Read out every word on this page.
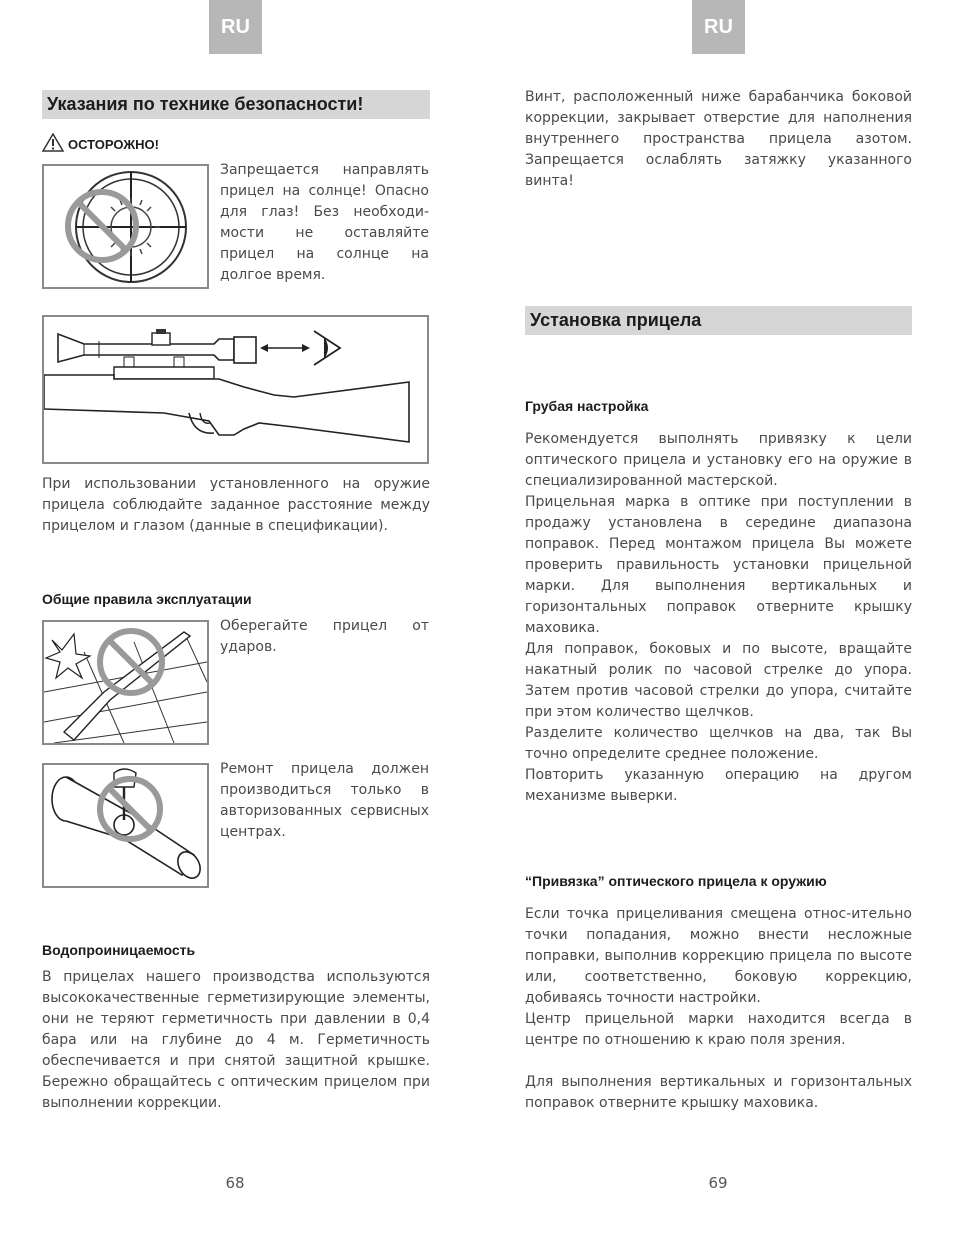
RU
Указания по технике безопасности!
ОСТОРОЖНО!
Запрещается направлять прицел на солнце! Опасно для глаз! Без необходи-мости не оставляйте прицел на солнце на долгое время.
При использовании установленного на оружие прицела соблюдайте заданное расстояние между прицелом и глазом (данные в спецификации).
Общие правила эксплуатации
Оберегайте прицел от ударов.
Ремонт прицела должен производиться только в авторизованных сервисных центрах.
Водопроиницаемость
В прицелах нашего производства используются высококачественные герметизирующие элементы, они не теряют герметичность при давлении в 0,4 бара или на глубине до 4 м. Герметичность обеспечивается и при снятой защитной крышке. Бережно обращайтесь с оптическим прицелом при выполнении коррекции.
68
RU
Винт, расположенный ниже барабанчика боковой коррекции, закрывает отверстие для наполнения внутреннего пространства прицела азотом. Запрещается ослаблять затяжку указанного винта!
Установка прицела
Грубая настройка

Рекомендуется выполнять привязку к цели оптического прицела и установку его на оружие в специализированной мастерской.

Прицельная марка в оптике при поступлении в продажу установлена в середине диапазона поправок. Перед монтажом прицела Вы можете проверить правильность установки прицельной марки. Для выполнения вертикальных и горизонтальных поправок отверните крышку маховика.

Для поправок, боковых и по высоте, вращайте накатный ролик по часовой стрелке до упора. Затем против часовой стрелки до упора, считайте при этом количество щелчков.

Разделите количество щелчков на два, так Вы точно определите среднее положение.

Повторить указанную операцию на другом механизме выверки.

“Привязка” оптического прицела к оружию

Если точка прицеливания смещена относ-ительно точки попадания, можно внести несложные поправки, выполнив коррекцию прицела по высоте или, соответственно, боковую коррекцию, добиваясь точности настройки.

Центр прицельной марки находится всегда в центре по отношению к краю поля зрения.

Для выполнения вертикальных и горизонтальных поправок отверните крышку маховика.
69
